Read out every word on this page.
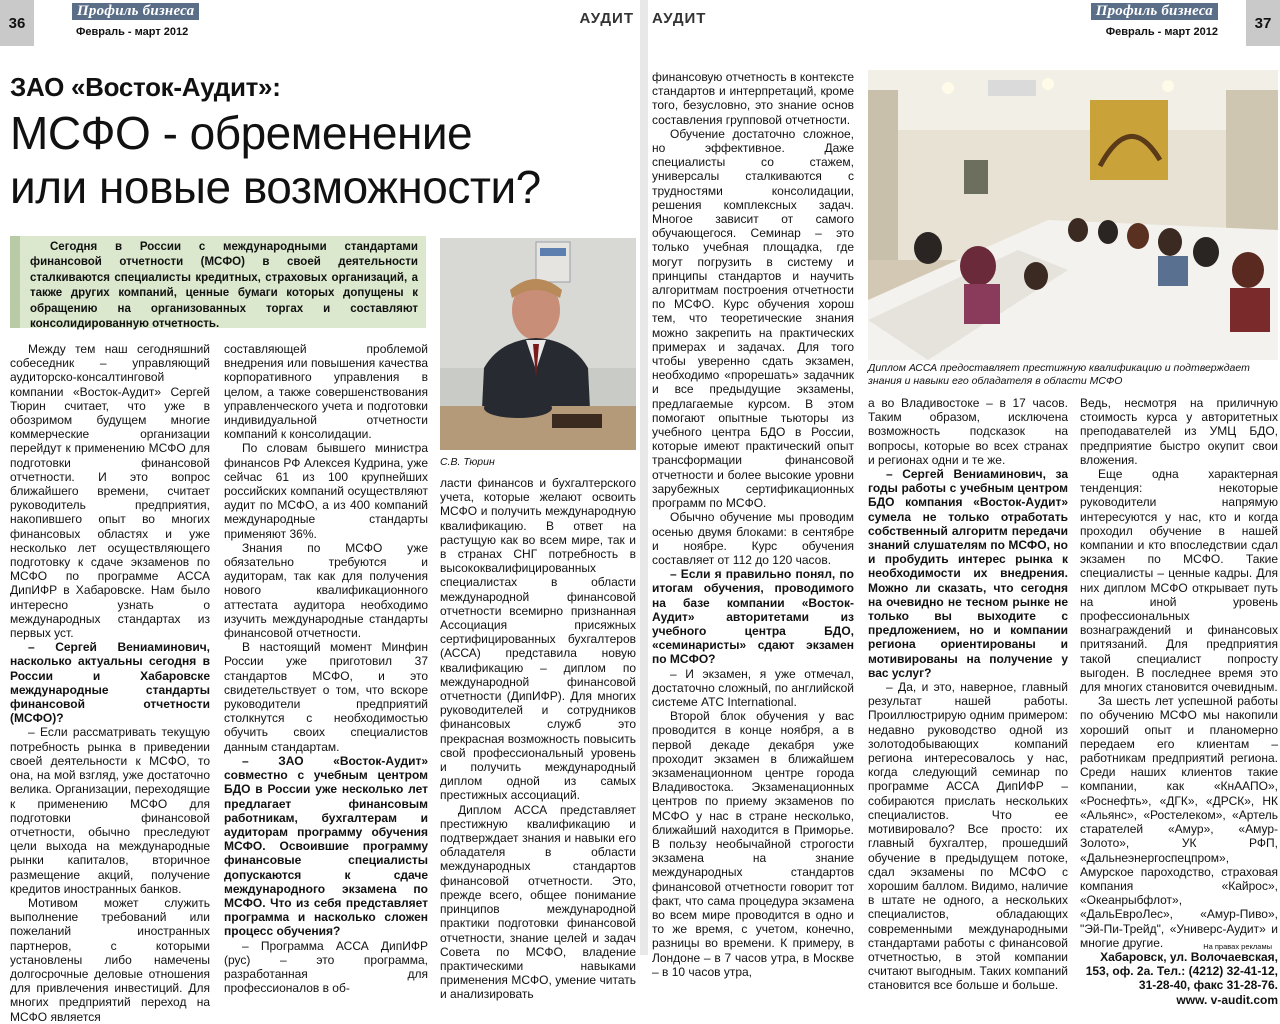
36
Профиль бизнеса
Февраль - март 2012
АУДИТ
ЗАО «Восток-Аудит»:
МСФО - обременение
или новые возможности?
Сегодня в России с международными стандартами финансовой отчетности (МСФО) в своей деятельности сталкиваются специалисты кредитных, страховых организаций, а также других компаний, ценные бумаги которых допущены к обращению на организованных торгах и составляют консолидированную отчетность.
С.В. Тюрин

Между тем наш сегодняшний собеседник – управляющий аудиторско-консалтинговой компании «Восток-Аудит» Сергей Тюрин считает, что уже в обозримом будущем многие коммерческие организации перейдут к применению МСФО для подготовки финансовой отчетности. И это вопрос ближайшего времени, считает руководитель предприятия, накопившего опыт во многих финансовых областях и уже несколько лет осуществляющего подготовку к сдаче экзаменов по МСФО по программе АССА ДипИФР в Хабаровске. Нам было интересно узнать о международных стандартах из первых уст.

– Сергей Вениаминович, насколько актуальны сегодня в России и Хабаровске международные стандарты финансовой отчетности (МСФО)?

– Если рассматривать текущую потребность рынка в приведении своей деятельности к МСФО, то она, на мой взгляд, уже достаточно велика. Организации, переходящие к применению МСФО для подготовки финансовой отчетности, обычно преследуют цели выхода на международные рынки капиталов, вторичное размещение акций, получение кредитов иностранных банков.

Мотивом может служить выполнение требований или пожеланий иностранных партнеров, с которыми установлены либо намечены долгосрочные деловые отношения для привлечения инвестиций. Для многих предприятий переход на МСФО является

составляющей проблемой внедрения или повышения качества корпоративного управления в целом, а также совершенствования управленческого учета и подготовки индивидуальной отчетности компаний к консолидации.

По словам бывшего министра финансов РФ Алексея Кудрина, уже сейчас 61 из 100 крупнейших российских компаний осуществляют аудит по МСФО, а из 400 компаний международные стандарты применяют 36%.

Знания по МСФО уже обязательно требуются и аудиторам, так как для получения нового квалификационного аттестата аудитора необходимо изучить международные стандарты финансовой отчетности.

В настоящий момент Минфин России уже приготовил 37 стандартов МСФО, и это свидетельствует о том, что вскоре руководители предприятий столкнутся с необходимостью обучить своих специалистов данным стандартам.

– ЗАО «Восток-Аудит» совместно с учебным центром БДО в России уже несколько лет предлагает финансовым работникам, бухгалтерам и аудиторам программу обучения МСФО. Освоившие программу финансовые специалисты допускаются к сдаче международного экзамена по МСФО. Что из себя представляет программа и насколько сложен процесс обучения?

– Программа АССА ДипИФР (рус) – это программа, разработанная для профессионалов в об-

ласти финансов и бухгалтерского учета, которые желают освоить МСФО и получить международную квалификацию. В ответ на растущую как во всем мире, так и в странах СНГ потребность в высококвалифицированных специалистах в области международной финансовой отчетности всемирно признанная Ассоциация присяжных сертифицированных бухгалтеров (АССА) представила новую квалификацию – диплом по международной финансовой отчетности (ДипИФР). Для многих руководителей и сотрудников финансовых служб это прекрасная возможность повысить свой профессиональный уровень и получить международный диплом одной из самых престижных ассоциаций.

Диплом АССА представляет престижную квалификацию и подтверждает знания и навыки его обладателя в области международных стандартов финансовой отчетности. Это, прежде всего, общее понимание принципов международной практики подготовки финансовой отчетности, знание целей и задач Совета по МСФО, владение практическими навыками применения МСФО, умение читать и анализировать

АУДИТ	Профиль бизнеса
Февраль - март 2012
37

финансовую отчетность в контексте стандартов и интерпретаций, кроме того, безусловно, это знание основ составления групповой отчетности.

Обучение достаточно сложное, но эффективное. Даже специалисты со стажем, универсалы сталкиваются с трудностями консолидации, решения комплексных задач. Многое зависит от самого обучающегося. Семинар – это только учебная площадка, где могут погрузить в систему и принципы стандартов и научить алгоритмам построения отчетности по МСФО. Курс обучения хорош тем, что теоретические знания можно закрепить на практических примерах и задачах. Для того чтобы уверенно сдать экзамен, необходимо «прорешать» задачник и все предыдущие экзамены, предлагаемые курсом. В этом помогают опытные тьюторы из учебного центра БДО в России, которые имеют практический опыт трансформации финансовой отчетности и более высокие уровни зарубежных сертификационных программ по МСФО.

Обычно обучение мы проводим осенью двумя блоками: в сентябре и ноябре. Курс обучения составляет от 112 до 120 часов.

– Если я правильно понял, по итогам обучения, проводимого на базе компании «Восток-Аудит» авторитетами из учебного центра БДО, «семинаристы» сдают экзамен по МСФО?

– И экзамен, я уже отмечал, достаточно сложный, по английской системе АТС International.

Второй блок обучения у вас проводится в конце ноября, а в первой декаде декабря уже проходит экзамен в ближайшем экзаменационном центре города Владивостока. Экзаменационных центров по приему экзаменов по МСФО у нас в стране несколько, ближайший находится в Приморье. В пользу необычайной строгости экзамена на знание международных стандартов финансовой отчетности говорит тот факт, что сама процедура экзамена во всем мире проводится в одно и то же время, с учетом, конечно, разницы во времени. К примеру, в Лондоне – в 7 часов утра, в Москве – в 10 часов утра,

Диплом АССА предоставляет престижную квалификацию и подтверждает знания и навыки его обладателя в области МСФО

а во Владивостоке – в 17 часов. Таким образом, исключена возможность подсказок на вопросы, которые во всех странах и регионах одни и те же.

– Сергей Вениаминович, за годы работы с учебным центром БДО компания «Восток-Аудит» сумела не только отработать собственный алгоритм передачи знаний слушателям по МСФО, но и пробудить интерес рынка к необходимости их внедрения. Можно ли сказать, что сегодня на очевидно не тесном рынке не только вы выходите с предложением, но и компании региона ориентированы и мотивированы на получение у вас услуг?

– Да, и это, наверное, главный результат нашей работы. Проиллюстрирую одним примером: недавно руководство одной из золотодобывающих компаний региона интересовалось у нас, когда следующий семинар по программе АССА ДипИФР – собираются прислать нескольких специалистов. Что ее мотивировало? Все просто: их главный бухгалтер, прошедший обучение в предыдущем потоке, сдал экзамены по МСФО с хорошим баллом. Видимо, наличие в штате не одного, а нескольких специалистов, обладающих современными международными стандартами работы с финансовой отчетностью, в этой компании считают выгодным. Таких компаний становится все больше и больше.

Ведь, несмотря на приличную стоимость курса у авторитетных преподавателей из УМЦ БДО, предприятие быстро окупит свои вложения.

Еще одна характерная тенденция: некоторые руководители напрямую интересуются у нас, кто и когда проходил обучение в нашей компании и кто впоследствии сдал экзамен по МСФО. Такие специалисты – ценные кадры. Для них диплом МСФО открывает путь на иной уровень профессиональных вознаграждений и финансовых притязаний. Для предприятия такой специалист попросту выгоден. В последнее время это для многих становится очевидным.

За шесть лет успешной работы по обучению МСФО мы накопили хороший опыт и планомерно передаем его клиентам – работникам предприятий региона. Среди наших клиентов такие компании, как «КнААПО», «Роснефть», «ДГК», «ДРСК», НК «Альянс», «Ростелеком», «Артель старателей «Амур», «Амур-Золото», УК РФП, «Дальнеэнергоспецпром», Амурское пароходство, страховая компания «Кайрос», «Океанрыбфлот», «ДальЕвроЛес», «Амур-Пиво», "Эй-Пи-Трейд", «Универс-Аудит» и многие другие.

Хабаровск, ул. Волочаевская,
153, оф. 2а. Тел.: (4212) 32-41-12,
31-28-40, факс 31-28-76.
www. v-audit.com
На правах рекламы
